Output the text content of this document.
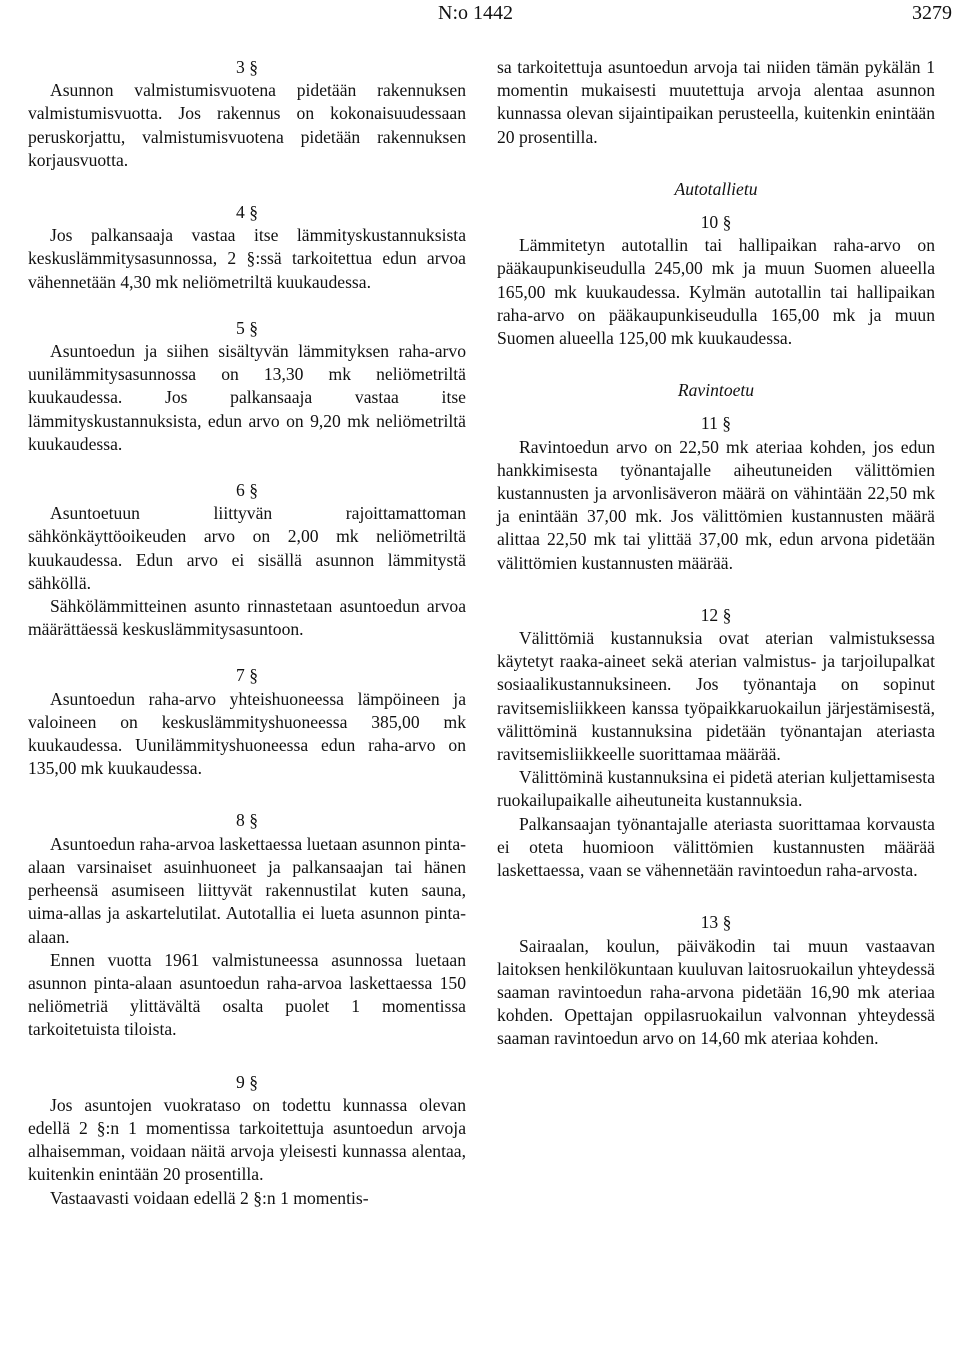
N:o 1442	3279
3 §

Asunnon valmistumisvuotena pidetään rakennuksen valmistumisvuotta. Jos rakennus on kokonaisuudessaan peruskorjattu, valmistumisvuotena pidetään rakennuksen korjausvuotta.

4 §

Jos palkansaaja vastaa itse lämmityskustannuksista keskuslämmitysasunnossa, 2 §:ssä tarkoitettua edun arvoa vähennetään 4,30 mk neliömetriltä kuukaudessa.

5 §

Asuntoedun ja siihen sisältyvän lämmityksen raha-arvo uunilämmitysasunnossa on 13,30 mk neliömetriltä kuukaudessa. Jos palkansaaja vastaa itse lämmityskustannuksista, edun arvo on 9,20 mk neliömetriltä kuukaudessa.

6 §

Asuntoetuun liittyvän rajoittamattoman sähkönkäyttöoikeuden arvo on 2,00 mk neliömetriltä kuukaudessa. Edun arvo ei sisällä asunnon lämmitystä sähköllä.

Sähkölämmitteinen asunto rinnastetaan asuntoedun arvoa määrättäessä keskuslämmitysasuntoon.

7 §

Asuntoedun raha-arvo yhteishuoneessa lämpöineen ja valoineen on keskuslämmityshuoneessa 385,00 mk kuukaudessa. Uunilämmityshuoneessa edun raha-arvo on 135,00 mk kuukaudessa.

8 §

Asuntoedun raha-arvoa laskettaessa luetaan asunnon pinta-alaan varsinaiset asuinhuoneet ja palkansaajan tai hänen perheensä asumiseen liittyvät rakennustilat kuten sauna, uima-allas ja askartelutilat. Autotallia ei lueta asunnon pinta-alaan.

Ennen vuotta 1961 valmistuneessa asunnossa luetaan asunnon pinta-alaan asuntoedun raha-arvoa laskettaessa 150 neliömetriä ylittävältä osalta puolet 1 momentissa tarkoitetuista tiloista.

9 §

Jos asuntojen vuokrataso on todettu kunnassa olevan edellä 2 §:n 1 momentissa tarkoitettuja asuntoedun arvoja alhaisemman, voidaan näitä arvoja yleisesti kunnassa alentaa, kuitenkin enintään 20 prosentilla.

Vastaavasti voidaan edellä 2 §:n 1 momentis-

sa tarkoitettuja asuntoedun arvoja tai niiden tämän pykälän 1 momentin mukaisesti muutettuja arvoja alentaa asunnon kunnassa olevan sijaintipaikan perusteella, kuitenkin enintään 20 prosentilla.

Autotallietu
10 §

Lämmitetyn autotallin tai hallipaikan raha-arvo on pääkaupunkiseudulla 245,00 mk ja muun Suomen alueella 165,00 mk kuukaudessa. Kylmän autotallin tai hallipaikan raha-arvo on pääkaupunkiseudulla 165,00 mk ja muun Suomen alueella 125,00 mk kuukaudessa.

Ravintoetu
11 §

Ravintoedun arvo on 22,50 mk ateriaa kohden, jos edun hankkimisesta työnantajalle aiheutuneiden välittömien kustannusten ja arvonlisäveron määrä on vähintään 22,50 mk ja enintään 37,00 mk. Jos välittömien kustannusten määrä alittaa 22,50 mk tai ylittää 37,00 mk, edun arvona pidetään välittömien kustannusten määrää.

12 §

Välittömiä kustannuksia ovat aterian valmistuksessa käytetyt raaka-aineet sekä aterian valmistus- ja tarjoilupalkat sosiaalikustannuksineen. Jos työnantaja on sopinut ravitsemisliikkeen kanssa työpaikkaruokailun järjestämisestä, välittöminä kustannuksina pidetään työnantajan ateriasta ravitsemisliikkeelle suorittamaa määrää.

Välittöminä kustannuksina ei pidetä aterian kuljettamisesta ruokailupaikalle aiheutuneita kustannuksia.

Palkansaajan työnantajalle ateriasta suorittamaa korvausta ei oteta huomioon välittömien kustannusten määrää laskettaessa, vaan se vähennetään ravintoedun raha-arvosta.

13 §

Sairaalan, koulun, päiväkodin tai muun vastaavan laitoksen henkilökuntaan kuuluvan laitosruokailun yhteydessä saaman ravintoedun raha-arvona pidetään 16,90 mk ateriaa kohden. Opettajan oppilasruokailun valvonnan yhteydessä saaman ravintoedun arvo on 14,60 mk ateriaa kohden.
